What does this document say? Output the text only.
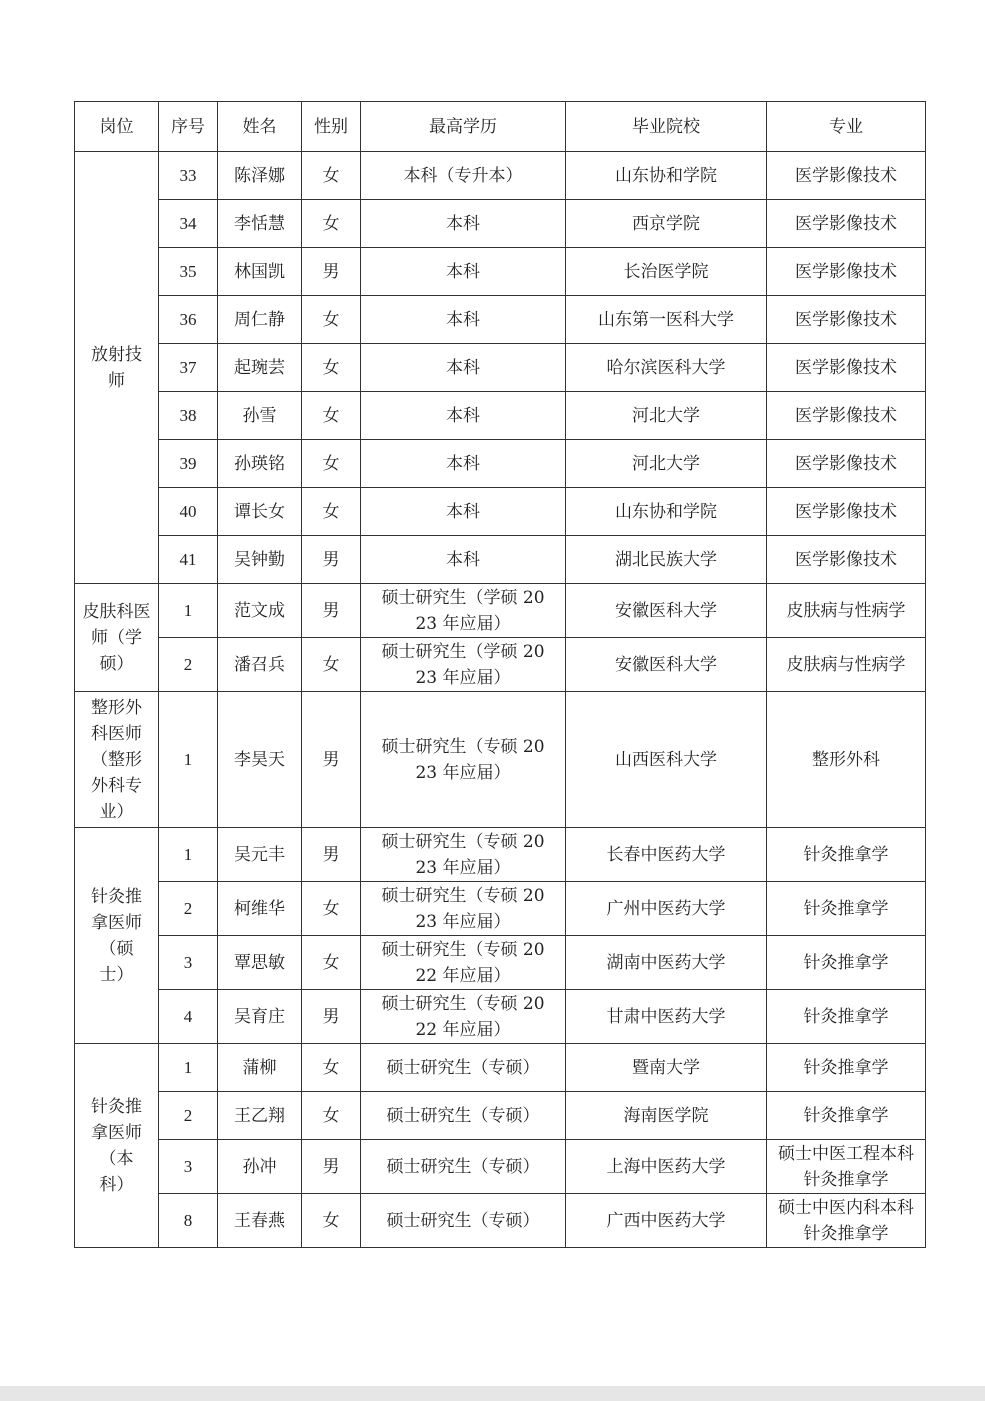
岗位	序号	姓名	性别	最高学历	毕业院校	专业

放射技师	33	陈泽娜	女	本科（专升本）	山东协和学院	医学影像技术

	34	李恬慧	女	本科	西京学院	医学影像技术

	35	林国凯	男	本科	长治医学院	医学影像技术

	36	周仁静	女	本科	山东第一医科大学	医学影像技术

	37	起琬芸	女	本科	哈尔滨医科大学	医学影像技术

	38	孙雪	女	本科	河北大学	医学影像技术

	39	孙瑛铭	女	本科	河北大学	医学影像技术

	40	谭长女	女	本科	山东协和学院	医学影像技术

	41	吴钟勤	男	本科	湖北民族大学	医学影像技术

皮肤科医师（学硕）	1	范文成	男	硕士研究生（学硕 2023 年应届）	安徽医科大学	皮肤病与性病学

	2	潘召兵	女	硕士研究生（学硕 2023 年应届）	安徽医科大学	皮肤病与性病学

整形外科医师（整形外科专业）	1	李昊天	男	硕士研究生（专硕 2023 年应届）	山西医科大学	整形外科

针灸推拿医师（硕士）	1	吴元丰	男	硕士研究生（专硕 2023 年应届）	长春中医药大学	针灸推拿学

	2	柯维华	女	硕士研究生（专硕 2023 年应届）	广州中医药大学	针灸推拿学

	3	覃思敏	女	硕士研究生（专硕 2022 年应届）	湖南中医药大学	针灸推拿学

	4	吴育庄	男	硕士研究生（专硕 2022 年应届）	甘肃中医药大学	针灸推拿学

针灸推拿医师（本科）	1	蒲柳	女	硕士研究生（专硕）	暨南大学	针灸推拿学

	2	王乙翔	女	硕士研究生（专硕）	海南医学院	针灸推拿学

	3	孙冲	男	硕士研究生（专硕）	上海中医药大学	硕士中医工程本科针灸推拿学

	8	王春燕	女	硕士研究生（专硕）	广西中医药大学	硕士中医内科本科针灸推拿学
